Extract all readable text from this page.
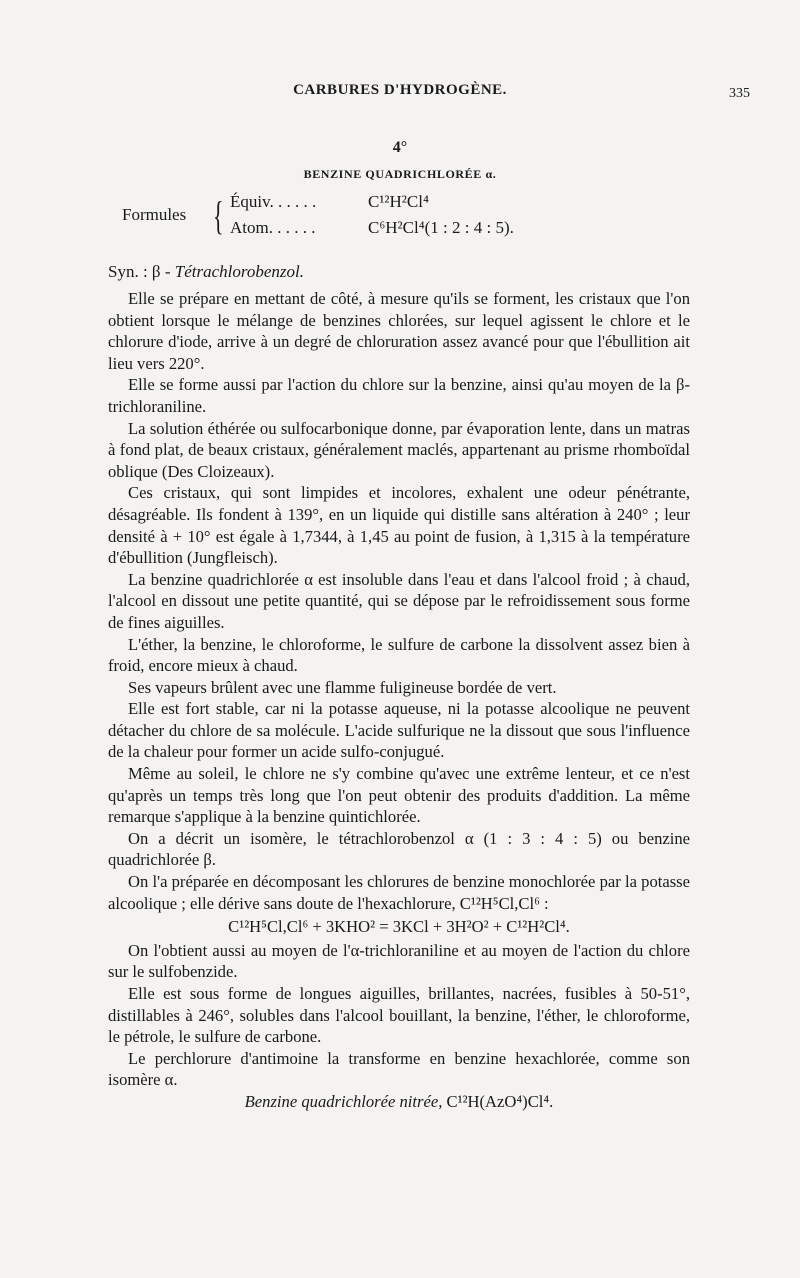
CARBURES D'HYDROGÈNE.	335
4°
BENZINE QUADRICHLORÉE α.
Formules { Équiv. . . . . .	C¹²H²Cl⁴
Atom. . . . . .	C⁶H²Cl⁴(1 : 2 : 4 : 5).
Syn. : β - Tétrachlorobenzol.

Elle se prépare en mettant de côté, à mesure qu'ils se forment, les cristaux que l'on obtient lorsque le mélange de benzines chlorées, sur lequel agissent le chlore et le chlorure d'iode, arrive à un degré de chloruration assez avancé pour que l'ébullition ait lieu vers 220°.

Elle se forme aussi par l'action du chlore sur la benzine, ainsi qu'au moyen de la β-trichloraniline.

La solution éthérée ou sulfocarbonique donne, par évaporation lente, dans un matras à fond plat, de beaux cristaux, généralement maclés, appartenant au prisme rhomboïdal oblique (Des Cloizeaux).

Ces cristaux, qui sont limpides et incolores, exhalent une odeur pénétrante, désagréable. Ils fondent à 139°, en un liquide qui distille sans altération à 240° ; leur densité à + 10° est égale à 1,7344, à 1,45 au point de fusion, à 1,315 à la température d'ébullition (Jungfleisch).

La benzine quadrichlorée α est insoluble dans l'eau et dans l'alcool froid ; à chaud, l'alcool en dissout une petite quantité, qui se dépose par le refroidissement sous forme de fines aiguilles.

L'éther, la benzine, le chloroforme, le sulfure de carbone la dissolvent assez bien à froid, encore mieux à chaud.

Ses vapeurs brûlent avec une flamme fuligineuse bordée de vert.

Elle est fort stable, car ni la potasse aqueuse, ni la potasse alcoolique ne peuvent détacher du chlore de sa molécule. L'acide sulfurique ne la dissout que sous l'influence de la chaleur pour former un acide sulfo-conjugué.

Même au soleil, le chlore ne s'y combine qu'avec une extrême lenteur, et ce n'est qu'après un temps très long que l'on peut obtenir des produits d'addition. La même remarque s'applique à la benzine quintichlorée.

On a décrit un isomère, le tétrachlorobenzol α (1 : 3 : 4 : 5) ou benzine quadrichlorée β.

On l'a préparée en décomposant les chlorures de benzine monochlorée par la potasse alcoolique ; elle dérive sans doute de l'hexachlorure, C¹²H⁵Cl,Cl⁶ :

C¹²H⁵Cl,Cl⁶ + 3KHO² = 3KCl + 3H²O² + C¹²H²Cl⁴.

On l'obtient aussi au moyen de l'α-trichloraniline et au moyen de l'action du chlore sur le sulfobenzide.

Elle est sous forme de longues aiguilles, brillantes, nacrées, fusibles à 50-51°, distillables à 246°, solubles dans l'alcool bouillant, la benzine, l'éther, le chloroforme, le pétrole, le sulfure de carbone.

Le perchlorure d'antimoine la transforme en benzine hexachlorée, comme son isomère α.

Benzine quadrichlorée nitrée, C¹²H(AzO⁴)Cl⁴.
